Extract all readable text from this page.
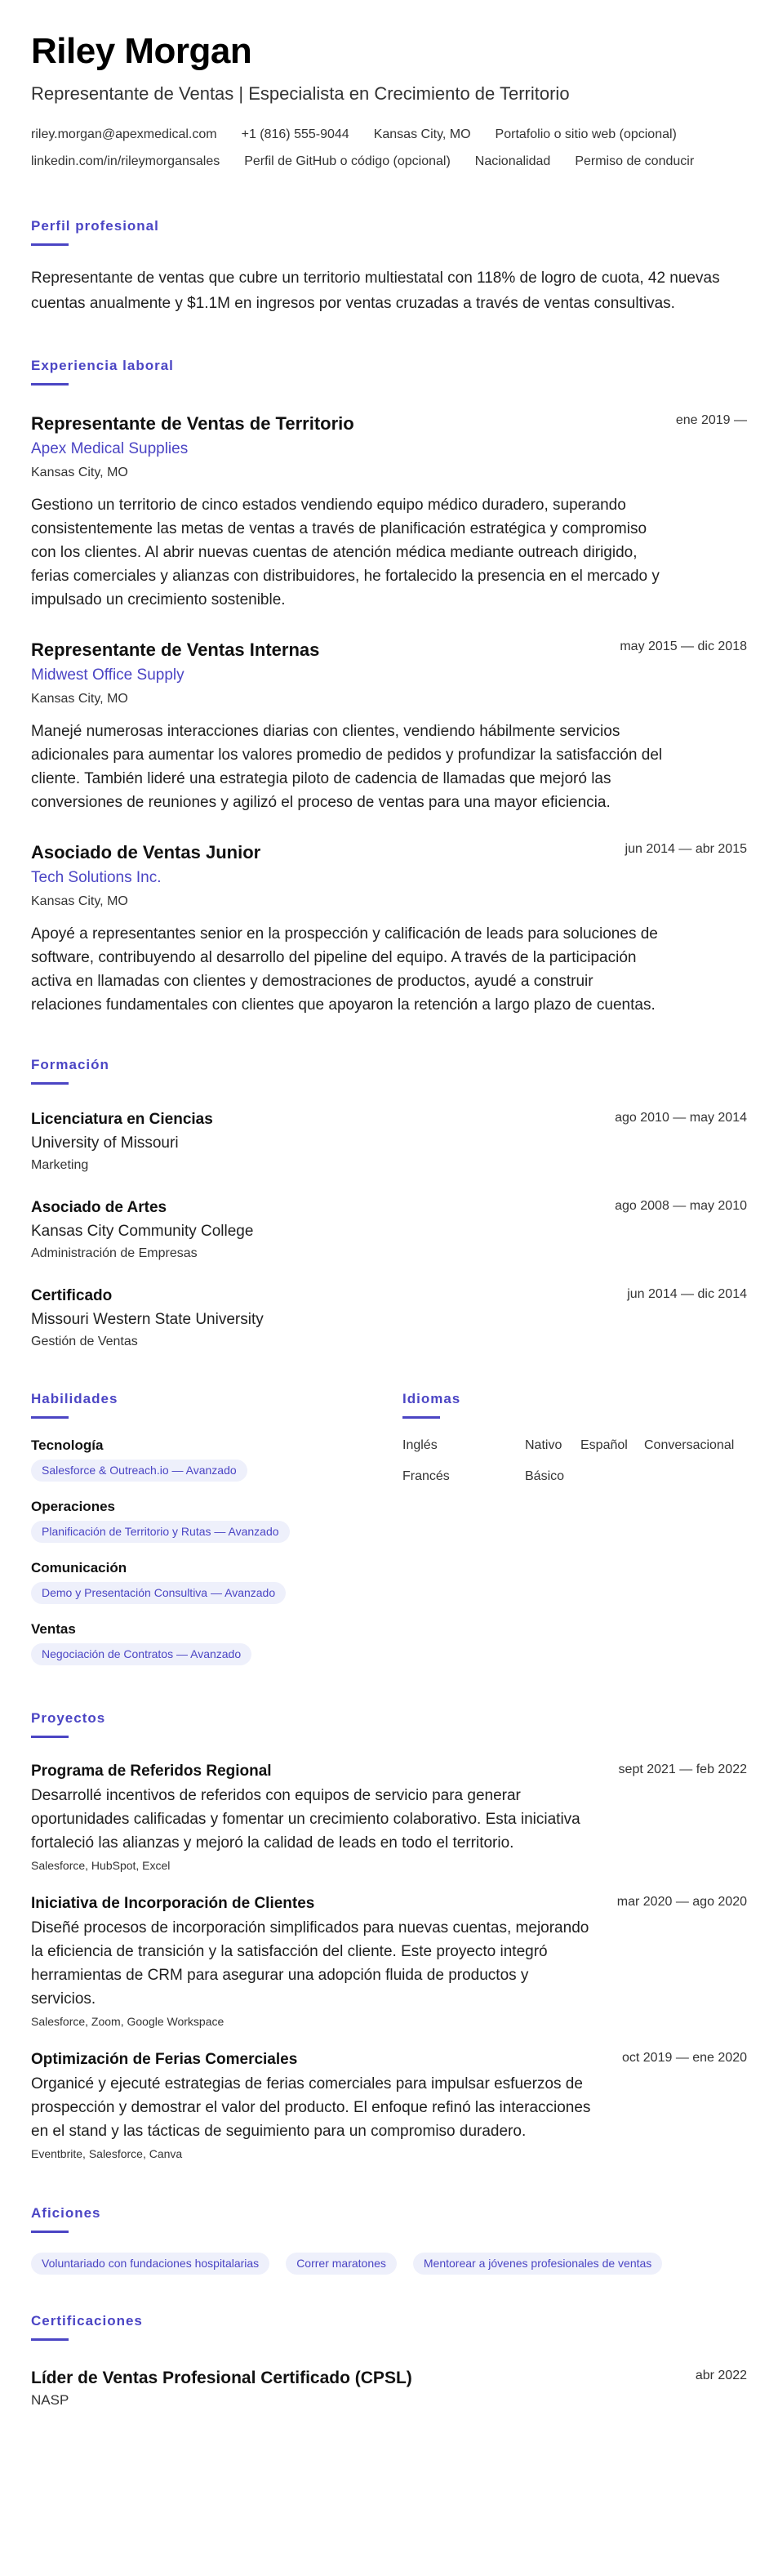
Riley Morgan
Representante de Ventas | Especialista en Crecimiento de Territorio
riley.morgan@apexmedical.com +1 (816) 555-9044 Kansas City, MO Portafolio o sitio web (opcional)
linkedin.com/in/rileymorgansales Perfil de GitHub o código (opcional) Nacionalidad Permiso de conducir
Perfil profesional
Representante de ventas que cubre un territorio multiestatal con 118% de logro de cuota, 42 nuevas cuentas anualmente y $1.1M en ingresos por ventas cruzadas a través de ventas consultivas.
Experiencia laboral
Representante de Ventas de Territorio	ene 2019 —
Apex Medical Supplies
Kansas City, MO
Gestiono un territorio de cinco estados vendiendo equipo médico duradero, superando consistentemente las metas de ventas a través de planificación estratégica y compromiso con los clientes. Al abrir nuevas cuentas de atención médica mediante outreach dirigido, ferias comerciales y alianzas con distribuidores, he fortalecido la presencia en el mercado y impulsado un crecimiento sostenible.
Representante de Ventas Internas	may 2015 — dic 2018
Midwest Office Supply
Kansas City, MO
Manejé numerosas interacciones diarias con clientes, vendiendo hábilmente servicios adicionales para aumentar los valores promedio de pedidos y profundizar la satisfacción del cliente. También lideré una estrategia piloto de cadencia de llamadas que mejoró las conversiones de reuniones y agilizó el proceso de ventas para una mayor eficiencia.
Asociado de Ventas Junior	jun 2014 — abr 2015
Tech Solutions Inc.
Kansas City, MO
Apoyé a representantes senior en la prospección y calificación de leads para soluciones de software, contribuyendo al desarrollo del pipeline del equipo. A través de la participación activa en llamadas con clientes y demostraciones de productos, ayudé a construir relaciones fundamentales con clientes que apoyaron la retención a largo plazo de cuentas.
Formación
Licenciatura en Ciencias	ago 2010 — may 2014
University of Missouri
Marketing
Asociado de Artes	ago 2008 — may 2010
Kansas City Community College
Administración de Empresas
Certificado	jun 2014 — dic 2014
Missouri Western State University
Gestión de Ventas
Habilidades
Tecnología
Salesforce & Outreach.io — Avanzado
Operaciones
Planificación de Territorio y Rutas — Avanzado
Comunicación
Demo y Presentación Consultiva — Avanzado
Ventas
Negociación de Contratos — Avanzado
Idiomas
Inglés	Nativo Español	Conversacional
Francés	Básico
Proyectos
Programa de Referidos Regional	sept 2021 — feb 2022
Desarrollé incentivos de referidos con equipos de servicio para generar oportunidades calificadas y fomentar un crecimiento colaborativo. Esta iniciativa fortaleció las alianzas y mejoró la calidad de leads en todo el territorio.
Salesforce, HubSpot, Excel
Iniciativa de Incorporación de Clientes	mar 2020 — ago 2020
Diseñé procesos de incorporación simplificados para nuevas cuentas, mejorando la eficiencia de transición y la satisfacción del cliente. Este proyecto integró herramientas de CRM para asegurar una adopción fluida de productos y servicios.
Salesforce, Zoom, Google Workspace
Optimización de Ferias Comerciales	oct 2019 — ene 2020
Organicé y ejecuté estrategias de ferias comerciales para impulsar esfuerzos de prospección y demostrar el valor del producto. El enfoque refinó las interacciones en el stand y las tácticas de seguimiento para un compromiso duradero.
Eventbrite, Salesforce, Canva
Aficiones
Voluntariado con fundaciones hospitalarias	Correr maratones	Mentorear a jóvenes profesionales de ventas
Certificaciones
Líder de Ventas Profesional Certificado (CPSL)	abr 2022
NASP
